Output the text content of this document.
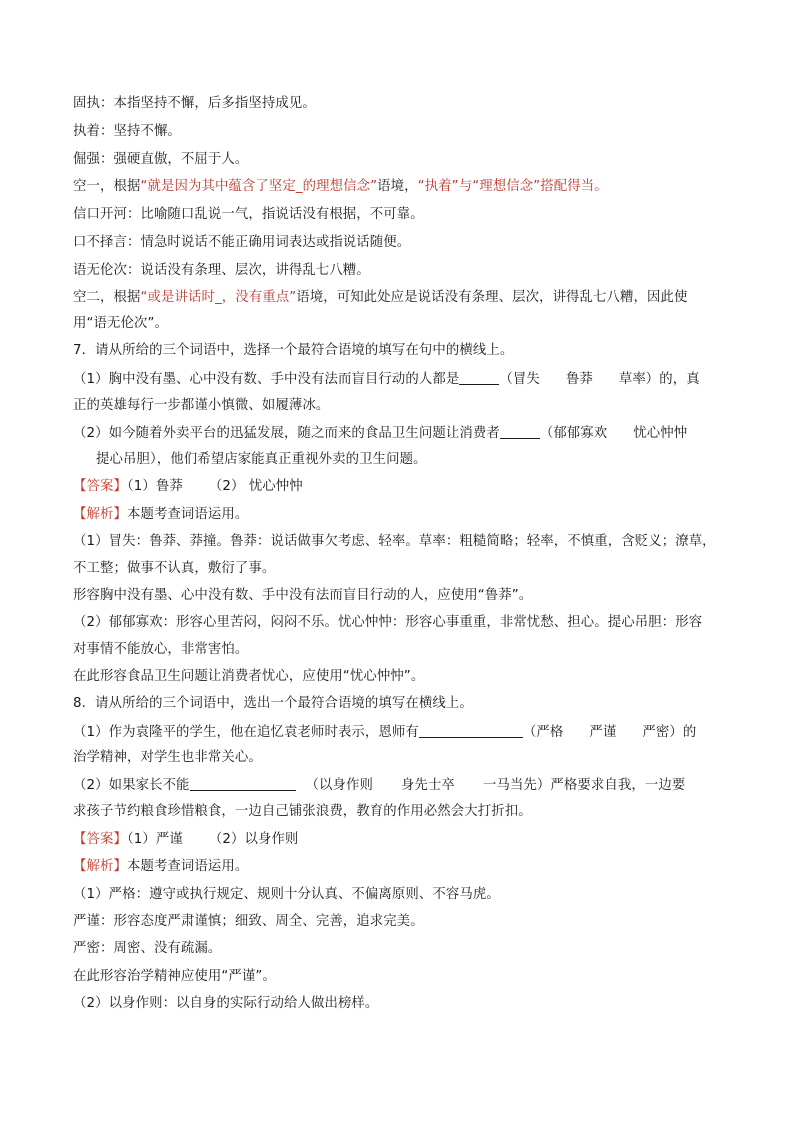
固执：本指坚持不懈，后多指坚持成见。

执着：坚持不懈。

倔强：强硬直傲，不屈于人。

空一，根据“就是因为其中蕴含了坚定_的理想信念”语境，“执着”与“理想信念”搭配得当。

信口开河：比喻随口乱说一气，指说话没有根据，不可靠。

口不择言：情急时说话不能正确用词表达或指说话随便。

语无伦次：说话没有条理、层次，讲得乱七八糟。

空二，根据“或是讲话时_，没有重点”语境，可知此处应是说话没有条理、层次，讲得乱七八糟，因此使

用“语无伦次”。

7．请从所给的三个词语中，选择一个最符合语境的填写在句中的横线上。

（1）胸中没有墨、心中没有数、手中没有法而盲目行动的人都是	（冒失 鲁莽 草率）的，真

正的英雄每行一步都谨小慎微、如履薄冰。

（2）如今随着外卖平台的迅猛发展，随之而来的食品卫生问题让消费者	（郁郁寡欢 忧心忡忡

提心吊胆），他们希望店家能真正重视外卖的卫生问题。

【答案】（1）鲁莽 （2） 忧心忡忡

【解析】本题考查词语运用。

（1）冒失：鲁莽、莽撞。鲁莽：说话做事欠考虑、轻率。草率：粗糙简略；轻率，不慎重，含贬义；潦草，

不工整；做事不认真，敷衍了事。

形容胸中没有墨、心中没有数、手中没有法而盲目行动的人，应使用“鲁莽”。

（2）郁郁寡欢：形容心里苦闷，闷闷不乐。忧心忡忡：形容心事重重，非常忧愁、担心。提心吊胆：形容

对事情不能放心，非常害怕。

在此形容食品卫生问题让消费者忧心，应使用“忧心忡忡”。

8．请从所给的三个词语中，选出一个最符合语境的填写在横线上。

（1）作为袁隆平的学生，他在追忆袁老师时表示，恩师有	（严格 严谨 严密）的

治学精神，对学生也非常关心。

（2）如果家长不能	（以身作则 身先士卒 一马当先）严格要求自我，一边要

求孩子节约粮食珍惜粮食，一边自己铺张浪费，教育的作用必然会大打折扣。

【答案】（1）严谨 （2）以身作则

【解析】本题考查词语运用。

（1）严格：遵守或执行规定、规则十分认真、不偏离原则、不容马虎。

严谨：形容态度严肃谨慎；细致、周全、完善，追求完美。

严密：周密、没有疏漏。

在此形容治学精神应使用“严谨”。

（2）以身作则：以自身的实际行动给人做出榜样。
